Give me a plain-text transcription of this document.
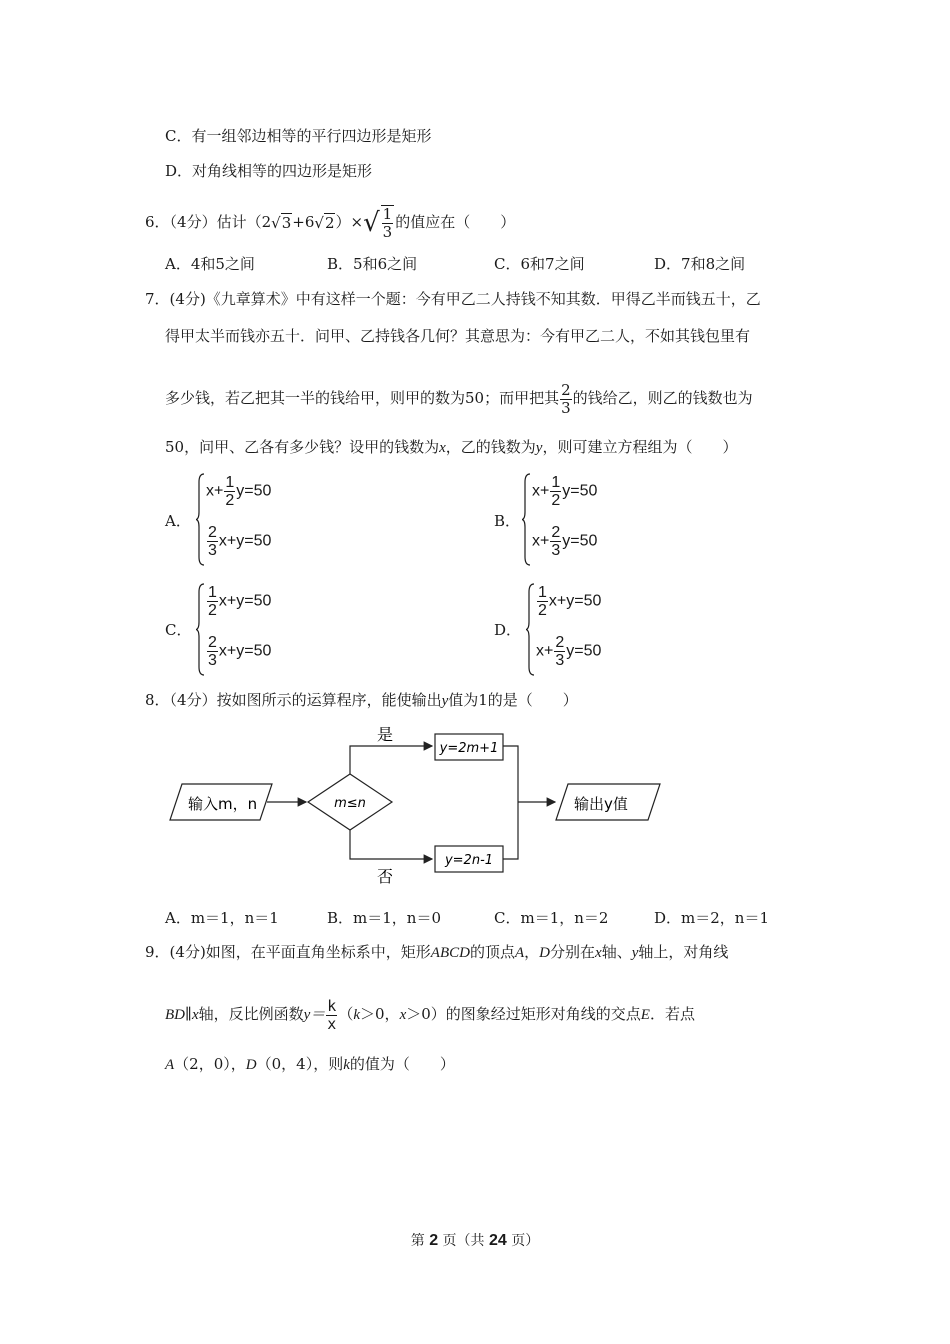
C．有一组邻边相等的平行四边形是矩形
D．对角线相等的四边形是矩形
6．（4分）估计$(2√3+6√2)\times√ \frac{1}{3}$ 的值应在（　　）
A．4和5之间	B．5和6之间	C．6和7之间	D．7和8之间
7．(4分)《九章算术》中有这样一个题：今有甲乙二人持钱不知其数．甲得乙半而钱五十，乙
得甲太半而钱亦五十．问甲、乙持钱各几何？其意思为：今有甲乙二人，不如其钱包里有
多少钱，若乙把其一半的钱给甲，则甲的数为50；而甲把其 $\frac{2}{3}$ 的钱给乙，则乙的钱数也为
50，问甲、乙各有多少钱？设甲的钱数为x，乙的钱数为y，则可建立方程组为（　　）
A．	B．
C．	D．
$x+ \frac{1}{2} y=50$
$\frac{2}{3} x+y=50$
$x+ \frac{1}{2} y=50$
$x+ \frac{2}{3} y=50$
$\frac{1}{2} x+y=50$
$\frac{2}{3} x+y=50$
$\frac{1}{2} x+y=50$
$x+ \frac{2}{3} y=50$
8．（4分）按如图所示的运算程序，能使输出y值为1的是（　　）
输入m，n	m≤n
是
y=2m+1
否
y=2n-1
输出y值
A．m＝1，n＝1	B．m＝1，n＝0	C．m＝1，n＝2	D．m＝2，n＝1
9．(4分)如图，在平面直角坐标系中，矩形ABCD的顶点A，D分别在x轴、y轴上，对角线
BD∥x轴，反比例函数$y= \frac{k}{x} (k>0$，x＞0）的图象经过矩形对角线的交点E．若点
A（2，0），D（0，4），则k的值为（　　）
第 2 页（共 24 页）
